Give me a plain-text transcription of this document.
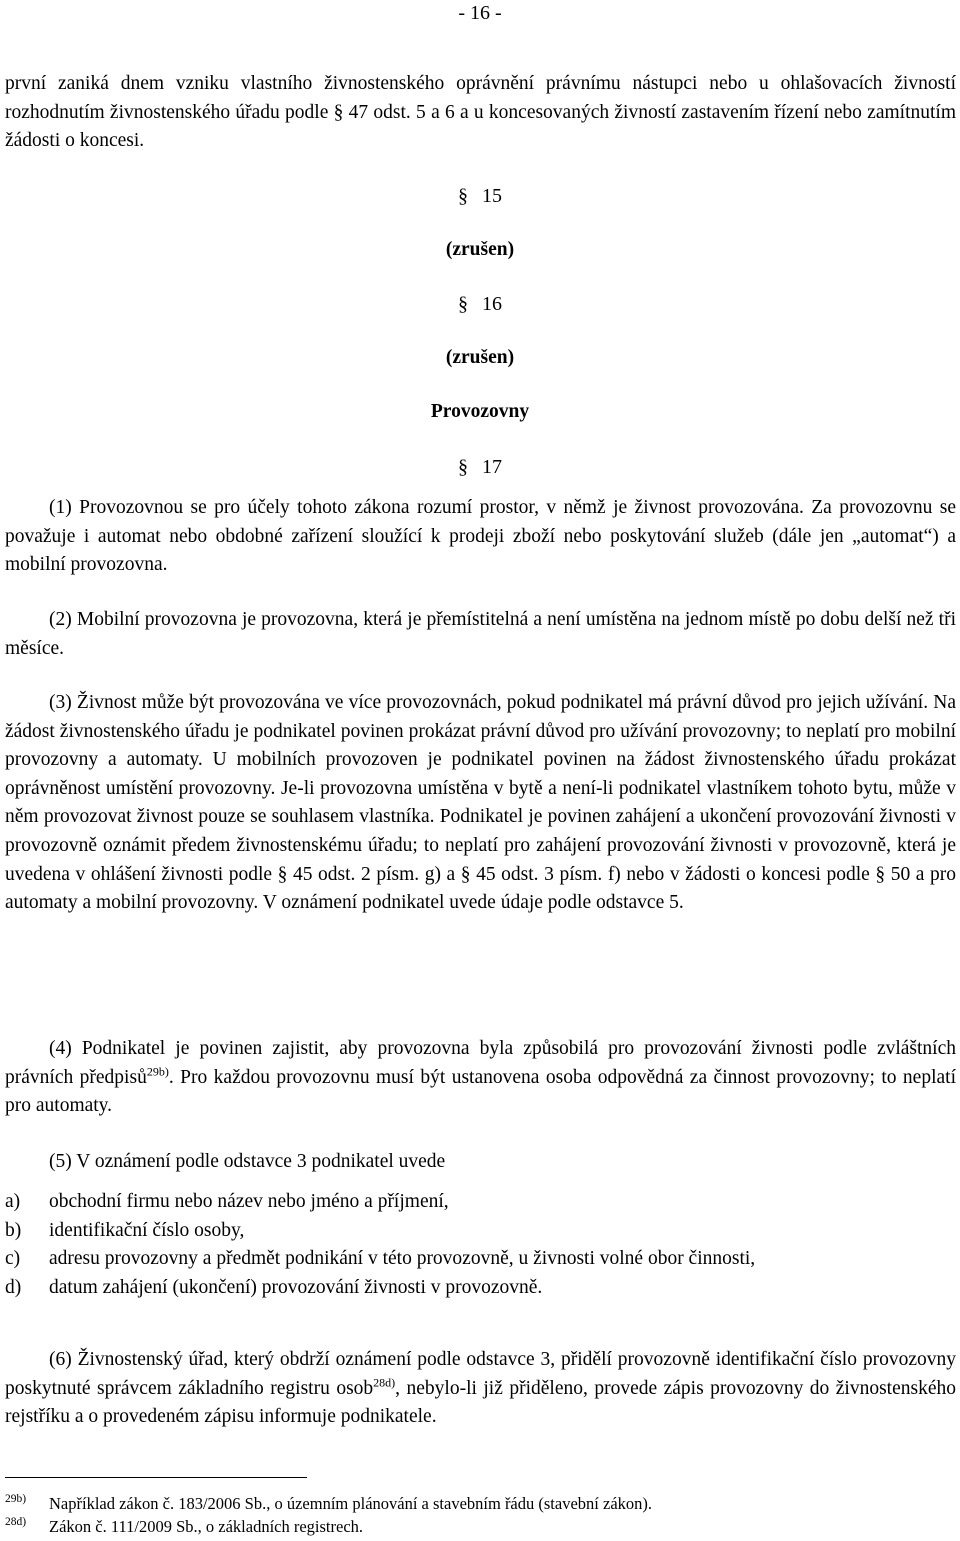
- 16 -

první zaniká dnem vzniku vlastního živnostenského oprávnění právnímu nástupci nebo u ohlašovacích živností rozhodnutím živnostenského úřadu podle § 47 odst. 5 a 6 a u koncesovaných živností zastavením řízení nebo zamítnutím žádosti o koncesi.

§ 15

(zrušen)

§ 16

(zrušen)

Provozovny

§ 17

(1) Provozovnou se pro účely tohoto zákona rozumí prostor, v němž je živnost provozována. Za provozovnu se považuje i automat nebo obdobné zařízení sloužící k prodeji zboží nebo poskytování služeb (dále jen „automat“) a mobilní provozovna.

(2) Mobilní provozovna je provozovna, která je přemístitelná a není umístěna na jednom místě po dobu delší než tři měsíce.

(3) Živnost může být provozována ve více provozovnách, pokud podnikatel má právní důvod pro jejich užívání. Na žádost živnostenského úřadu je podnikatel povinen prokázat právní důvod pro užívání provozovny; to neplatí pro mobilní provozovny a automaty. U mobilních provozoven je podnikatel povinen na žádost živnostenského úřadu prokázat oprávněnost umístění provozovny. Je-li provozovna umístěna v bytě a není-li podnikatel vlastníkem tohoto bytu, může v něm provozovat živnost pouze se souhlasem vlastníka. Podnikatel je povinen zahájení a ukončení provozování živnosti v provozovně oznámit předem živnostenskému úřadu; to neplatí pro zahájení provozování živnosti v provozovně, která je uvedena v ohlášení živnosti podle § 45 odst. 2 písm. g) a § 45 odst. 3 písm. f) nebo v žádosti o koncesi podle § 50 a pro automaty a mobilní provozovny. V oznámení podnikatel uvede údaje podle odstavce 5.

(4) Podnikatel je povinen zajistit, aby provozovna byla způsobilá pro provozování živnosti podle zvláštních právních předpisů$^{29b)}$. Pro každou provozovnu musí být ustanovena osoba odpovědná za činnost provozovny; to neplatí pro automaty.

(5) V oznámení podle odstavce 3 podnikatel uvede

a) obchodní firmu nebo název nebo jméno a příjmení,
b) identifikační číslo osoby,
c) adresu provozovny a předmět podnikání v této provozovně, u živnosti volné obor činnosti,
d) datum zahájení (ukončení) provozování živnosti v provozovně.

(6) Živnostenský úřad, který obdrží oznámení podle odstavce 3, přidělí provozovně identifikační číslo provozovny poskytnuté správcem základního registru osob$^{28d)}$, nebylo-li již přiděleno, provede zápis provozovny do živnostenského rejstříku a o provedeném zápisu informuje podnikatele.

29b) Například zákon č. 183/2006 Sb., o územním plánování a stavebním řádu (stavební zákon).
28d) Zákon č. 111/2009 Sb., o základních registrech.
